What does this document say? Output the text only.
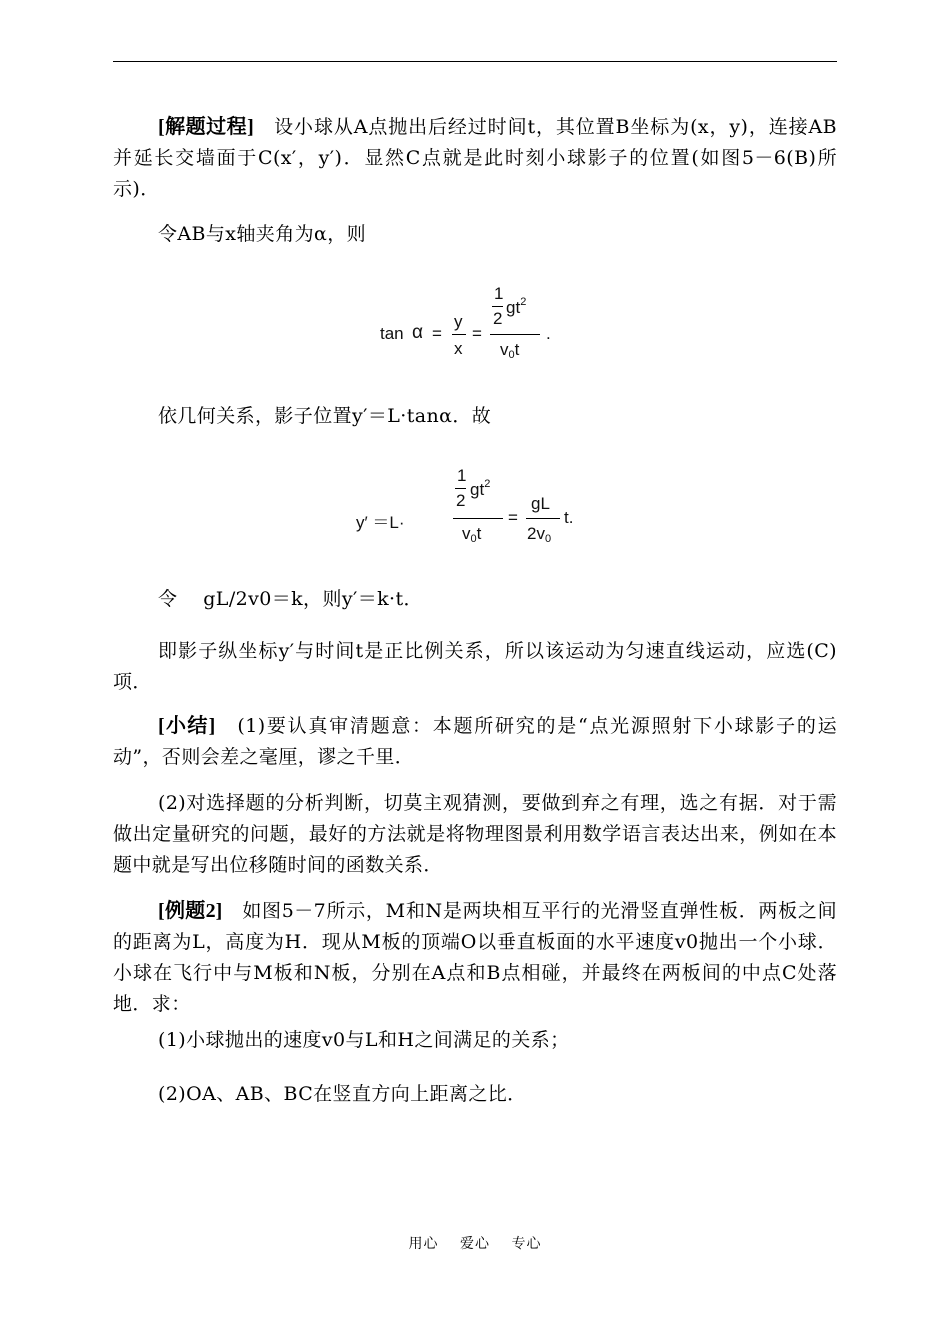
[解题过程]　设小球从A点抛出后经过时间t，其位置B坐标为(x，y)，连接AB并延长交墙面于C(x′，y′)．显然C点就是此时刻小球影子的位置(如图5－6(B)所示)．

令AB与x轴夹角为α，则

tan α =
y
x
=
1
2
$gt^2$
$v_0t$
.

依几何关系，影子位置y′＝L·tanα．故

y′ ＝L·
1
2
$gt^2$
$v_0t$
=
gL
$2v_0$
t.

令　 gL/2v0＝k，则y′＝k·t．

即影子纵坐标y′与时间t是正比例关系，所以该运动为匀速直线运动，应选(C)项．

[小结]　(1)要认真审清题意：本题所研究的是“点光源照射下小球影子的运动”，否则会差之毫厘，谬之千里．

(2)对选择题的分析判断，切莫主观猜测，要做到弃之有理，选之有据．对于需做出定量研究的问题，最好的方法就是将物理图景利用数学语言表达出来，例如在本题中就是写出位移随时间的函数关系．

[例题2]　如图5－7所示，M和N是两块相互平行的光滑竖直弹性板．两板之间的距离为L，高度为H．现从M板的顶端O以垂直板面的水平速度v0抛出一个小球．小球在飞行中与M板和N板，分别在A点和B点相碰，并最终在两板间的中点C处落地．求：

(1)小球抛出的速度v0与L和H之间满足的关系；

(2)OA、AB、BC在竖直方向上距离之比．

用心 爱心 专心
